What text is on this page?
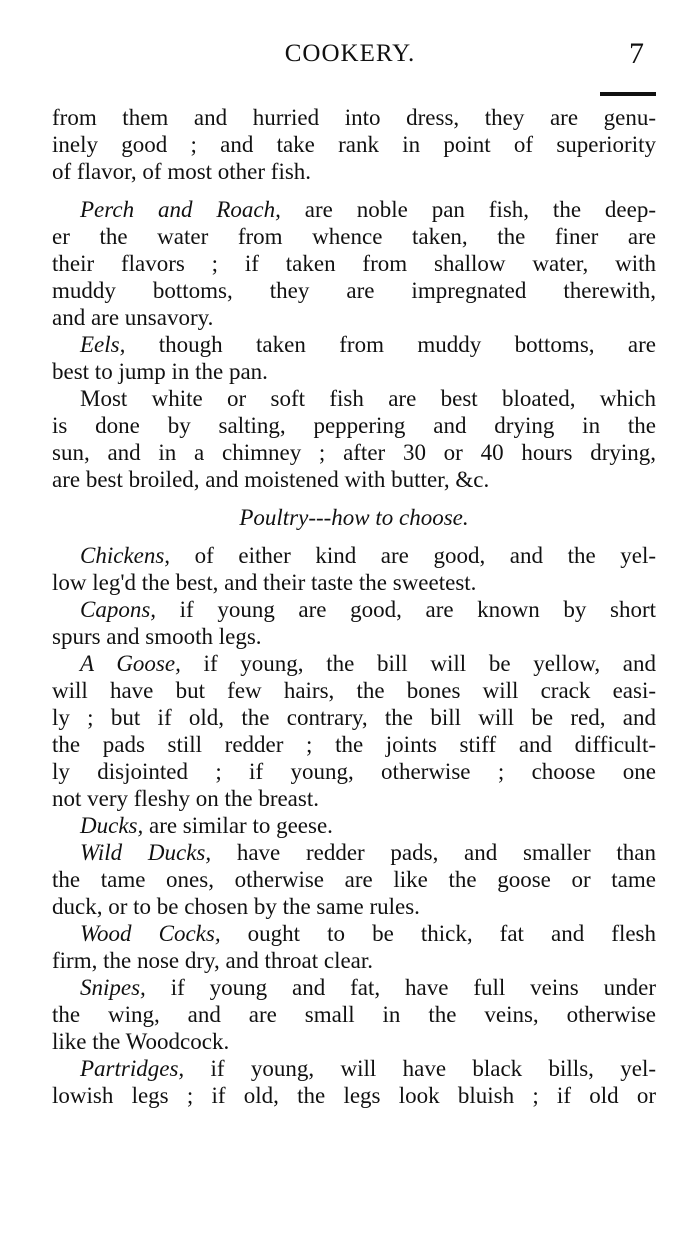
COOKERY.	7
from them and hurried into dress, they are genu-
inely good ; and take rank in point of superiority
of flavor, of most other fish.
Perch and Roach, are noble pan fish, the deep-
er the water from whence taken, the finer are
their flavors ; if taken from shallow water, with
muddy bottoms, they are impregnated therewith,
and are unsavory.
Eels, though taken from muddy bottoms, are
best to jump in the pan.
Most white or soft fish are best bloated, which
is done by salting, peppering and drying in the
sun, and in a chimney ; after 30 or 40 hours drying,
are best broiled, and moistened with butter, &c.
Poultry---how to choose.
Chickens, of either kind are good, and the yel-
low leg'd the best, and their taste the sweetest.
Capons, if young are good, are known by short
spurs and smooth legs.
A Goose, if young, the bill will be yellow, and
will have but few hairs, the bones will crack easi-
ly ; but if old, the contrary, the bill will be red, and
the pads still redder ; the joints stiff and difficult-
ly disjointed ; if young, otherwise ; choose one
not very fleshy on the breast.
Ducks, are similar to geese.
Wild Ducks, have redder pads, and smaller than
the tame ones, otherwise are like the goose or tame
duck, or to be chosen by the same rules.
Wood Cocks, ought to be thick, fat and flesh
firm, the nose dry, and throat clear.
Snipes, if young and fat, have full veins under
the wing, and are small in the veins, otherwise
like the Woodcock.
Partridges, if young, will have black bills, yel-
lowish legs ; if old, the legs look bluish ; if old or
